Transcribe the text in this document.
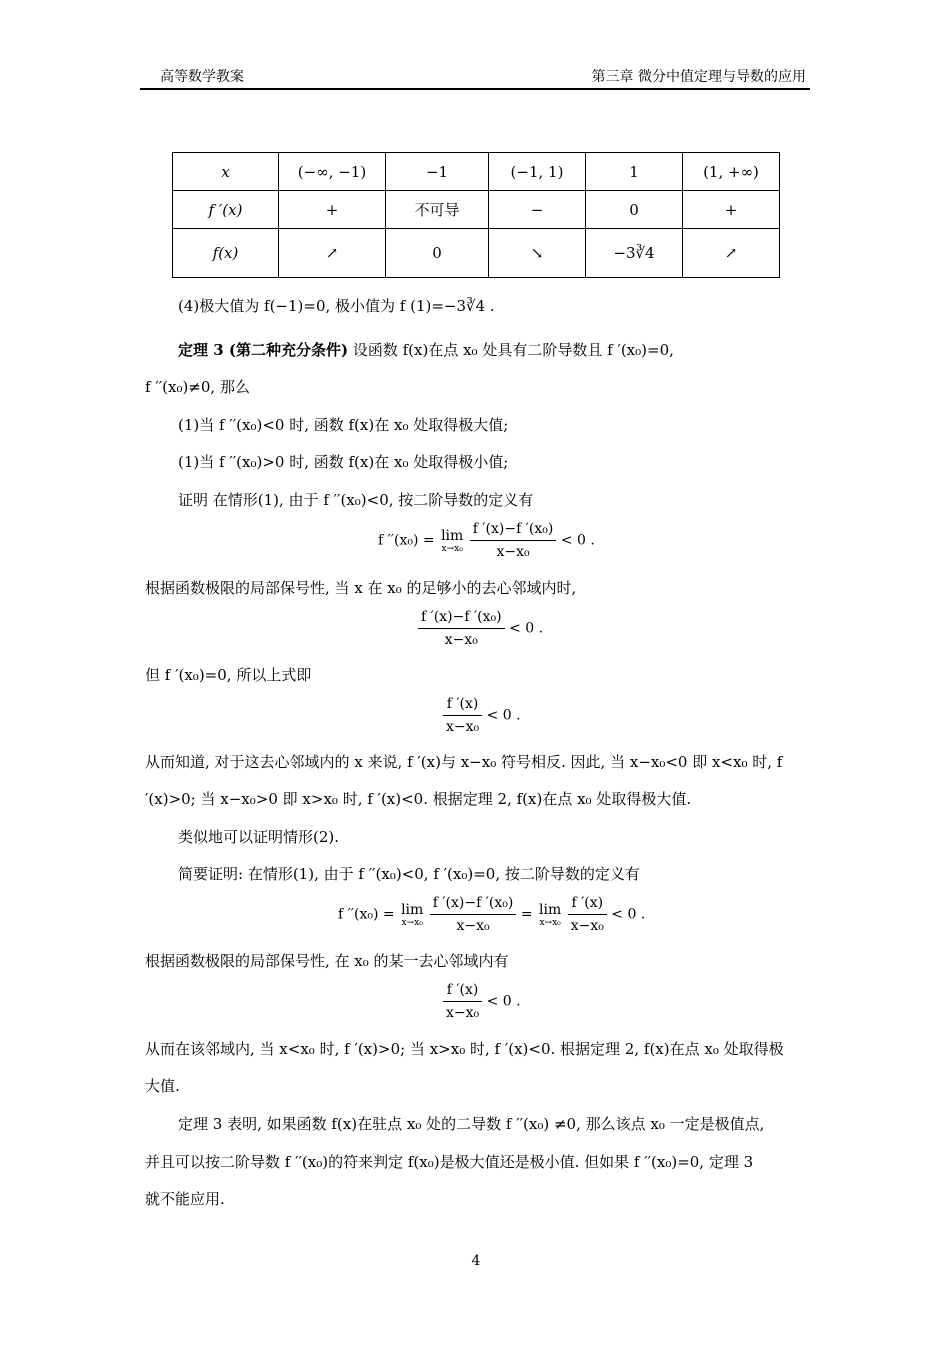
高等数学教案	第三章 微分中值定理与导数的应用
x	(−∞, −1)	−1	(−1, 1)	1	(1, +∞)
f ′(x)	+	不可导	−	0	+
f(x)	↗	0	↘	−3∛4	↗
(4)极大值为 f(−1)=0, 极小值为 f (1)=−3∛4 .
定理 3 (第二种充分条件) 设函数 f(x)在点 x₀ 处具有二阶导数且 f ′(x₀)=0,
f ′′(x₀)≠0, 那么
(1)当 f ′′(x₀)<0 时, 函数 f(x)在 x₀ 处取得极大值;
(1)当 f ′′(x₀)>0 时, 函数 f(x)在 x₀ 处取得极小值;
证明 在情形(1), 由于 f ′′(x₀)<0, 按二阶导数的定义有
f ′′(x₀) = lim
x→x₀
$\frac{\text{f ′(x)−f ′(x₀)}}{\text{x−x₀}} < 0$ .
根据函数极限的局部保号性, 当 x 在 x₀ 的足够小的去心邻域内时,
$\frac{\text{f ′(x)−f ′(x₀)}}{\text{x−x₀}} < 0$ .
但 f ′(x₀)=0, 所以上式即
$\frac{f '(x)}{\text{x−x₀}} < 0$ .
从而知道, 对于这去心邻域内的 x 来说, f ′(x)与 x−x₀ 符号相反. 因此, 当 x−x₀<0 即 x<x₀ 时, f
′(x)>0; 当 x−x₀>0 即 x>x₀ 时, f ′(x)<0. 根据定理 2, f(x)在点 x₀ 处取得极大值.
类似地可以证明情形(2).
简要证明: 在情形(1), 由于 f ′′(x₀)<0, f ′(x₀)=0, 按二阶导数的定义有
f ′′(x₀) = lim
x→x₀
$\frac{\text{f ′(x)−f ′(x₀)}}{\text{x−x₀}} = \lim$
x→x₀
$\frac{f '(x)}{\text{x−x₀}} < 0$ .
根据函数极限的局部保号性, 在 x₀ 的某一去心邻域内有
$\frac{f '(x)}{\text{x−x₀}} < 0$ .
从而在该邻域内, 当 x<x₀ 时, f ′(x)>0; 当 x>x₀ 时, f ′(x)<0. 根据定理 2, f(x)在点 x₀ 处取得极
大值.
定理 3 表明, 如果函数 f(x)在驻点 x₀ 处的二导数 f ′′(x₀) ≠0, 那么该点 x₀ 一定是极值点,
并且可以按二阶导数 f ′′(x₀)的符来判定 f(x₀)是极大值还是极小值. 但如果 f ′′(x₀)=0, 定理 3
就不能应用.
4
